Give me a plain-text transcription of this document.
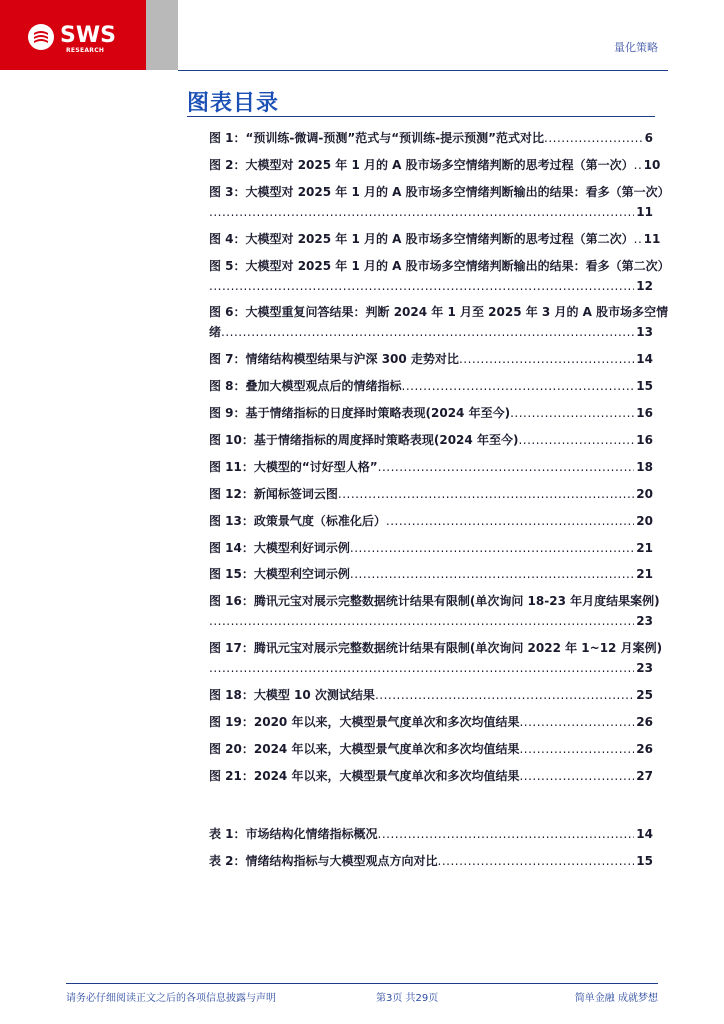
SWS
RESEARCH	量化策略
图表目录
图 1：“预训练-微调-预测”范式与“预训练-提示预测”范式对比 .....	6
图 2：大模型对 2025 年 1 月的 A 股市场多空情绪判断的思考过程（第一次） ..... 10
图 3：大模型对 2025 年 1 月的 A 股市场多空情绪判断输出的结果：看多（第一次）
.....
11
图 4：大模型对 2025 年 1 月的 A 股市场多空情绪判断的思考过程（第二次） ..... 11
图 5：大模型对 2025 年 1 月的 A 股市场多空情绪判断输出的结果：看多（第二次）
.....
12
图 6：大模型重复问答结果：判断 2024 年 1 月至 2025 年 3 月的 A 股市场多空情
绪 .....	13
图 7：情绪结构模型结果与沪深 300 走势对比 .....	14
图 8：叠加大模型观点后的情绪指标 .....	15
图 9：基于情绪指标的日度择时策略表现(2024 年至今) .....	16
图 10：基于情绪指标的周度择时策略表现(2024 年至今) .....	16
图 11：大模型的“讨好型人格” .....	18
图 12：新闻标签词云图 .....	20
图 13：政策景气度（标准化后） .....	20
图 14：大模型利好词示例 .....	21
图 15：大模型利空词示例 .....	21
图 16：腾讯元宝对展示完整数据统计结果有限制(单次询问 18-23 年月度结果案例)
.....
23
图 17：腾讯元宝对展示完整数据统计结果有限制(单次询问 2022 年 1~12 月案例)
.....
23
图 18：大模型 10 次测试结果 .....	25
图 19：2020 年以来，大模型景气度单次和多次均值结果 .....	26
图 20：2024 年以来，大模型景气度单次和多次均值结果 .....	26
图 21：2024 年以来，大模型景气度单次和多次均值结果 .....	27
表 1：市场结构化情绪指标概况 .....	14
表 2：情绪结构指标与大模型观点方向对比 .....	15
请务必仔细阅读正文之后的各项信息披露与声明	第3页 共29页	简单金融 成就梦想
